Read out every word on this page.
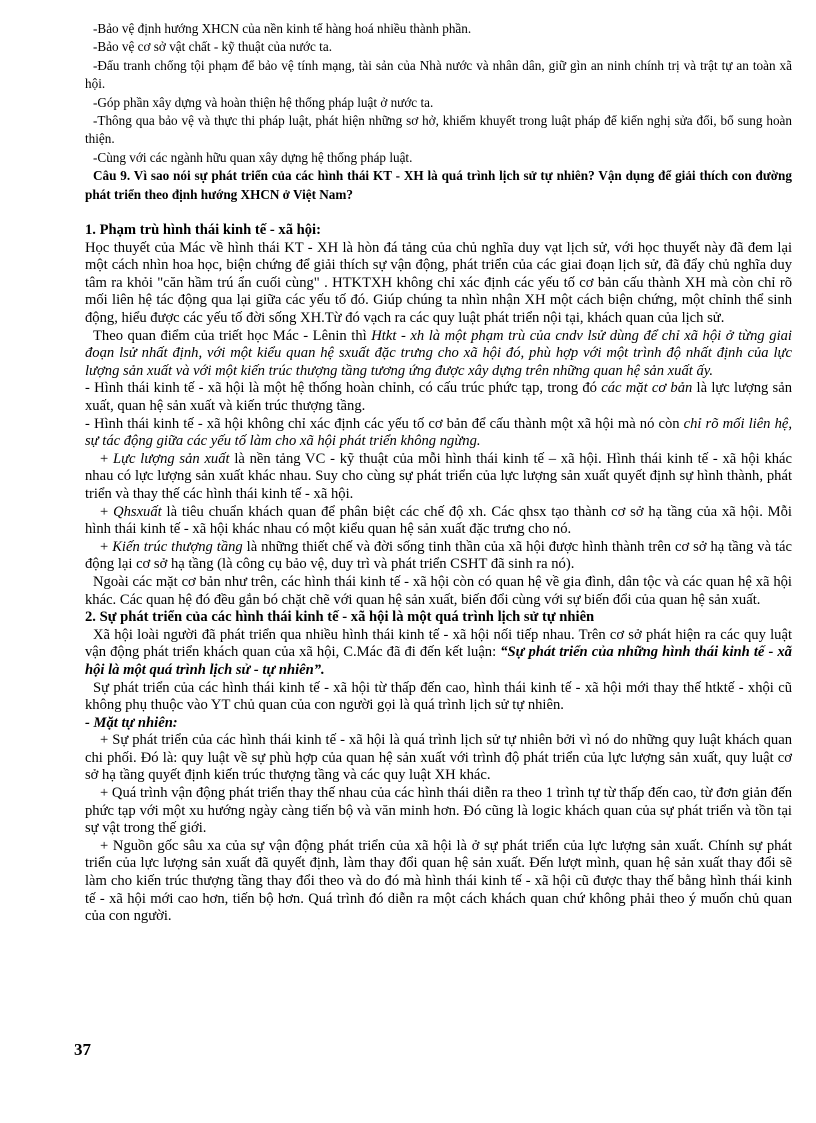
-Bảo vệ định hướng XHCN của nền kinh tế hàng hoá nhiều thành phần.

-Bảo vệ cơ sở vật chất - kỹ thuật của nước ta.

-Đấu tranh chống tội phạm để bảo vệ tính mạng, tài sản của Nhà nước và nhân dân, giữ gìn an ninh chính trị và trật tự an toàn xã hội.

-Góp phần xây dựng và hoàn thiện hệ thống pháp luật ở nước ta.

-Thông qua bảo vệ và thực thi pháp luật, phát hiện những sơ hở, khiếm khuyết trong luật pháp để kiến nghị sửa đổi, bổ sung hoàn thiện.

-Cùng với các ngành hữu quan xây dựng hệ thống pháp luật.

Câu 9. Vì sao nói sự phát triển của các hình thái KT - XH là quá trình lịch sử tự nhiên? Vận dụng để giải thích con đường phát triển theo định hướng XHCN ở Việt Nam?

1. Phạm trù hình thái kinh tế - xã hội:

Học thuyết của Mác về hình thái KT - XH là hòn đá tảng của chủ nghĩa duy vạt lịch sử, với học thuyết này đã đem lại một cách nhìn hoa học, biện chứng để giải thích sự vận động, phát triển của các giai đoạn lịch sử, đã đẩy chủ nghĩa duy tâm ra khỏi "căn hầm trú ẩn cuối cùng" . HTKTXH không chỉ xác định các yếu tố cơ bản cấu thành XH mà còn chỉ rõ mối liên hệ tác động qua lại giữa các yếu tố đó. Giúp chúng ta nhìn nhận XH một cách biện chứng, một chỉnh thể sinh động, hiểu được các yếu tố đời sống XH.Từ đó vạch ra các quy luật phát triển nội tại, khách quan của lịch sử.

Theo quan điểm của triết học Mác - Lênin thì Htkt - xh là một phạm trù của cndv lsử dùng để chỉ xã hội ở từng giai đoạn lsử nhất định, với một kiểu quan hệ sxuất đặc trưng cho xã hội đó, phù hợp với một trình độ nhất định của lực lượng sản xuất và với một kiến trúc thượng tầng tương ứng được xây dựng trên những quan hệ sản xuất ấy.

- Hình thái kinh tế - xã hội là một hệ thống hoàn chỉnh, có cấu trúc phức tạp, trong đó các mặt cơ bản là lực lượng sản xuất, quan hệ sản xuất và kiến trúc thượng tầng.

- Hình thái kinh tế - xã hội không chỉ xác định các yếu tố cơ bản để cấu thành một xã hội mà nó còn chỉ rõ mối liên hệ, sự tác động giữa các yếu tố làm cho xã hội phát triển không ngừng.

+ Lực lượng sản xuất là nền tảng VC - kỹ thuật của mỗi hình thái kinh tế – xã hội. Hình thái kinh tế - xã hội khác nhau có lực lượng sản xuất khác nhau. Suy cho cùng sự phát triển của lực lượng sản xuất quyết định sự hình thành, phát triển và thay thế các hình thái kinh tế - xã hội.

+ Qhsxuất là tiêu chuẩn khách quan để phân biệt các chế độ xh. Các qhsx tạo thành cơ sở hạ tầng của xã hội. Mỗi hình thái kinh tế - xã hội khác nhau có một kiểu quan hệ sản xuất đặc trưng cho nó.

+ Kiến trúc thượng tầng là những thiết chế và đời sống tinh thần của xã hội được hình thành trên cơ sở hạ tầng và tác động lại cơ sở hạ tầng (là công cụ bảo vệ, duy trì và phát triển CSHT đã sinh ra nó).

Ngoài các mặt cơ bản như trên, các hình thái kinh tế - xã hội còn có quan hệ về gia đình, dân tộc và các quan hệ xã hội khác. Các quan hệ đó đều gắn bó chặt chẽ với quan hệ sản xuất, biến đổi cùng với sự biến đổi của quan hệ sản xuất.

2. Sự phát triển của các hình thái kinh tế - xã hội là một quá trình lịch sử tự nhiên

Xã hội loài người đã phát triển qua nhiều hình thái kinh tế - xã hội nối tiếp nhau. Trên cơ sở phát hiện ra các quy luật vận động phát triển khách quan của xã hội, C.Mác đã đi đến kết luận: “Sự phát triển của những hình thái kinh tế - xã hội là một quá trình lịch sử - tự nhiên”.

Sự phát triển của các hình thái kinh tế - xã hội từ thấp đến cao, hình thái kinh tế - xã hội mới thay thế htktế - xhội cũ không phụ thuộc vào YT chủ quan của con người gọi là quá trình lịch sử tự nhiên.

- Mặt tự nhiên:

+ Sự phát triển của các hình thái kinh tế - xã hội là quá trình lịch sử tự nhiên bởi vì nó do những quy luật khách quan chi phối. Đó là: quy luật về sự phù hợp của quan hệ sản xuất với trình độ phát triển của lực lượng sản xuất, quy luật cơ sở hạ tầng quyết định kiến trúc thượng tầng và các quy luật XH khác.

+ Quá trình vận động phát triển thay thế nhau của các hình thái diễn ra theo 1 trình tự từ thấp đến cao, từ đơn giản đến phức tạp với một xu hướng ngày càng tiến bộ và văn minh hơn. Đó cũng là logic khách quan của sự phát triển và tồn tại sự vật trong thế giới.

+ Nguồn gốc sâu xa của sự vận động phát triển của xã hội là ở sự phát triển của lực lượng sản xuất. Chính sự phát triển của lực lượng sản xuất đã quyết định, làm thay đổi quan hệ sản xuất. Đến lượt mình, quan hệ sản xuất thay đổi sẽ làm cho kiến trúc thượng tầng thay đổi theo và do đó mà hình thái kinh tế - xã hội cũ được thay thế bằng hình thái kinh tế - xã hội mới cao hơn, tiến bộ hơn. Quá trình đó diễn ra một cách khách quan chứ không phải theo ý muốn chủ quan của con người.

37
